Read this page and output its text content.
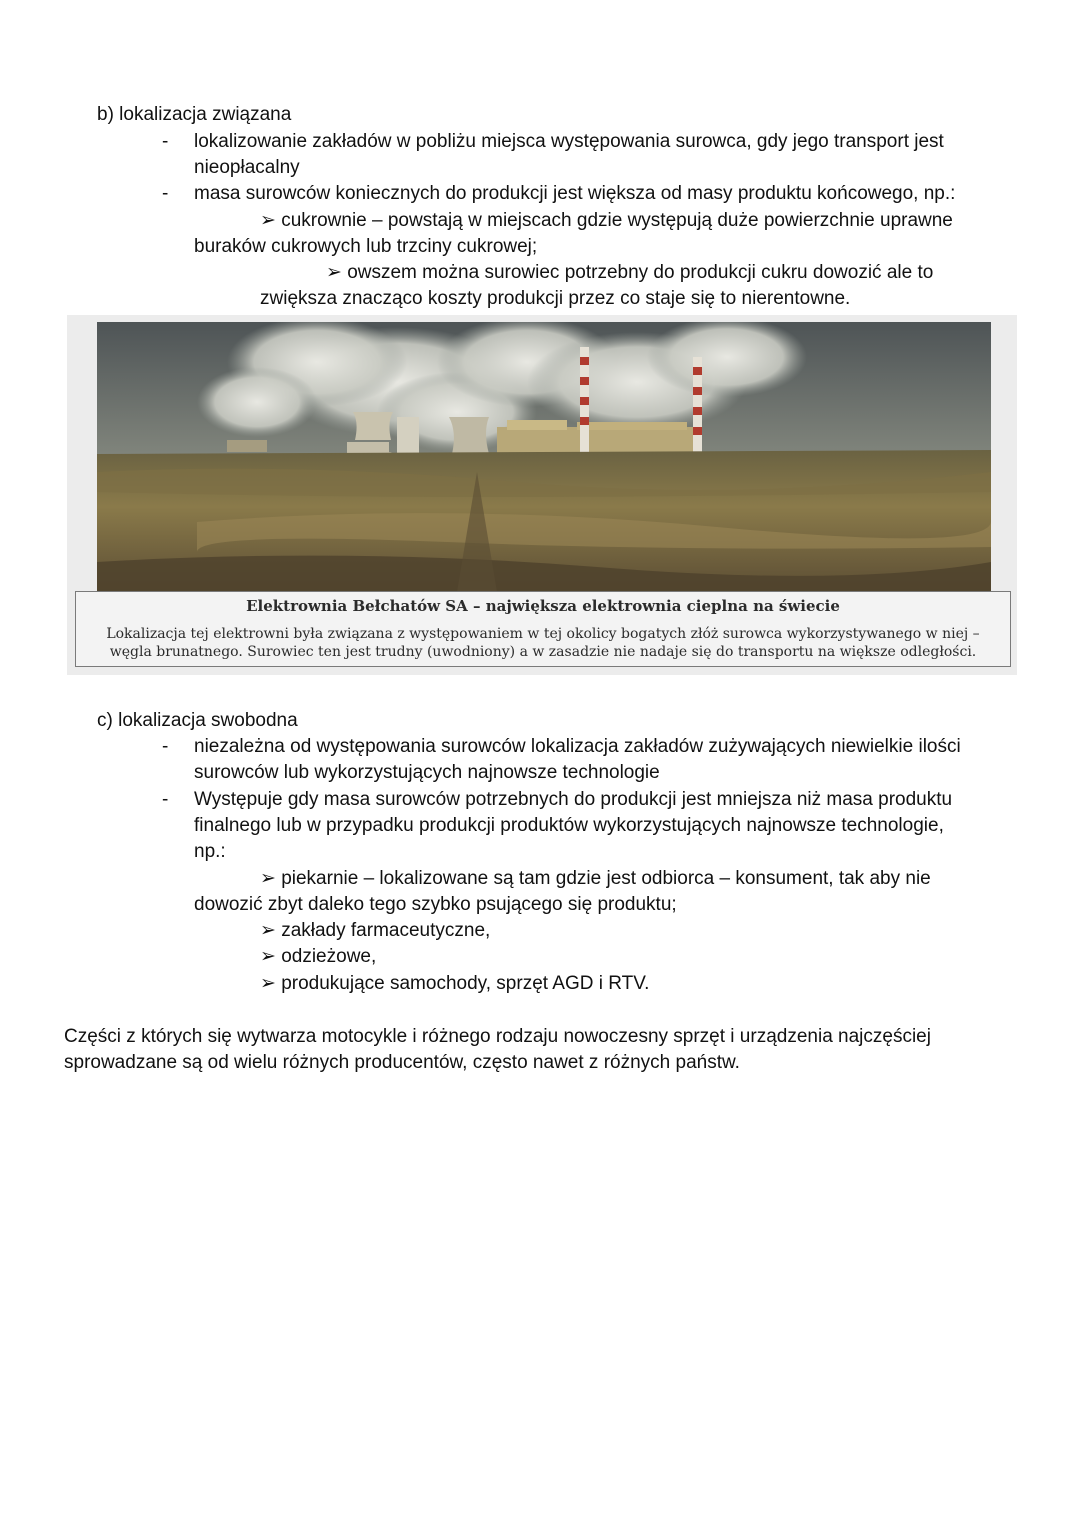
b) lokalizacja związana
- lokalizowanie zakładów w pobliżu miejsca występowania surowca, gdy jego transport jest
nieopłacalny
- masa surowców koniecznych do produkcji jest większa od masy produktu końcowego, np.:
➢ cukrownie – powstają w miejscach gdzie występują duże powierzchnie uprawne
buraków cukrowych lub trzciny cukrowej;
➢ owszem można surowiec potrzebny do produkcji cukru dowozić ale to
zwiększa znacząco koszty produkcji przez co staje się to nierentowne.
Elektrownia Bełchatów SA – największa elektrownia cieplna na świecie
Lokalizacja tej elektrowni była związana z występowaniem w tej okolicy bogatych złóż surowca wykorzystywanego w niej –
węgla brunatnego. Surowiec ten jest trudny (uwodniony) a w zasadzie nie nadaje się do transportu na większe odległości.
c) lokalizacja swobodna
- niezależna od występowania surowców lokalizacja zakładów zużywających niewielkie ilości
surowców lub wykorzystujących najnowsze technologie
- Występuje gdy masa surowców potrzebnych do produkcji jest mniejsza niż masa produktu
finalnego lub w przypadku produkcji produktów wykorzystujących najnowsze technologie,
np.:
➢ piekarnie – lokalizowane są tam gdzie jest odbiorca – konsument, tak aby nie
dowozić zbyt daleko tego szybko psującego się produktu;
➢ zakłady farmaceutyczne,
➢ odzieżowe,
➢ produkujące samochody, sprzęt AGD i RTV.
Części z których się wytwarza motocykle i różnego rodzaju nowoczesny sprzęt i urządzenia najczęściej
sprowadzane są od wielu różnych producentów, często nawet z różnych państw.
